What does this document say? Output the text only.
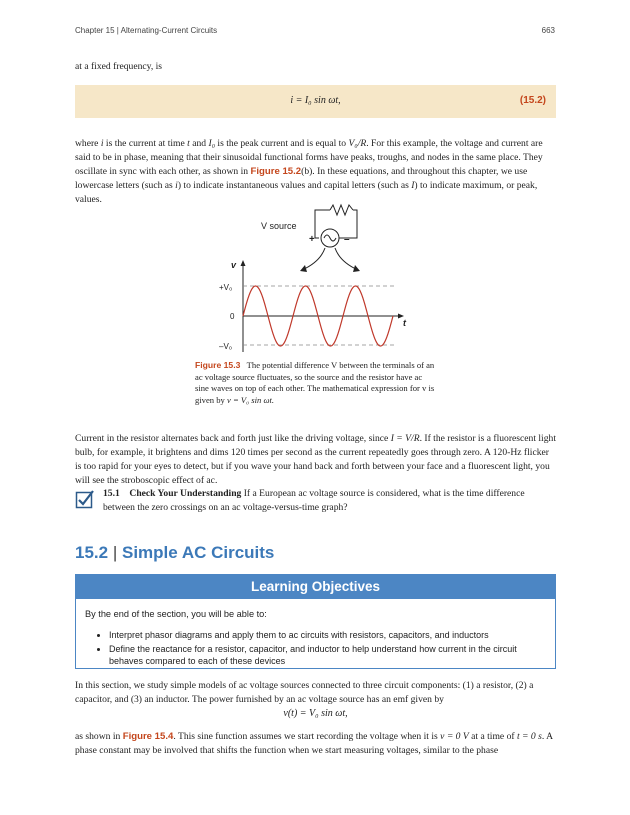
Chapter 15 | Alternating-Current Circuits	663

at a fixed frequency, is

i = I₀ sin ωt,	(15.2)

where i is the current at time t and I₀ is the peak current and is equal to V₀/R. For this example, the voltage and current are said to be in phase, meaning that their sinusoidal functional forms have peaks, troughs, and nodes in the same place. They oscillate in sync with each other, as shown in Figure 15.2(b). In these equations, and throughout this chapter, we use lowercase letters (such as i) to indicate instantaneous values and capital letters (such as I) to indicate maximum, or peak, values.

V source
+	–
v
t
+V₀
0
–V₀
Figure 15.3 The potential difference V between the terminals of an ac voltage source fluctuates, so the source and the resistor have ac sine waves on top of each other. The mathematical expression for v is given by v = V₀ sin ωt.

Current in the resistor alternates back and forth just like the driving voltage, since I = V/R. If the resistor is a fluorescent light bulb, for example, it brightens and dims 120 times per second as the current repeatedly goes through zero. A 120-Hz flicker is too rapid for your eyes to detect, but if you wave your hand back and forth between your face and a fluorescent light, you will see the stroboscopic effect of ac.

15.1 Check Your Understanding If a European ac voltage source is considered, what is the time difference between the zero crossings on an ac voltage-versus-time graph?
15.2 | Simple AC Circuits
Learning Objectives
By the end of the section, you will be able to:
• Interpret phasor diagrams and apply them to ac circuits with resistors, capacitors, and inductors
• Define the reactance for a resistor, capacitor, and inductor to help understand how current in the circuit behaves compared to each of these devices

In this section, we study simple models of ac voltage sources connected to three circuit components: (1) a resistor, (2) a capacitor, and (3) an inductor. The power furnished by an ac voltage source has an emf given by

v(t) = V₀ sin ωt,

as shown in Figure 15.4. This sine function assumes we start recording the voltage when it is v = 0 V at a time of t = 0 s. A phase constant may be involved that shifts the function when we start measuring voltages, similar to the phase
